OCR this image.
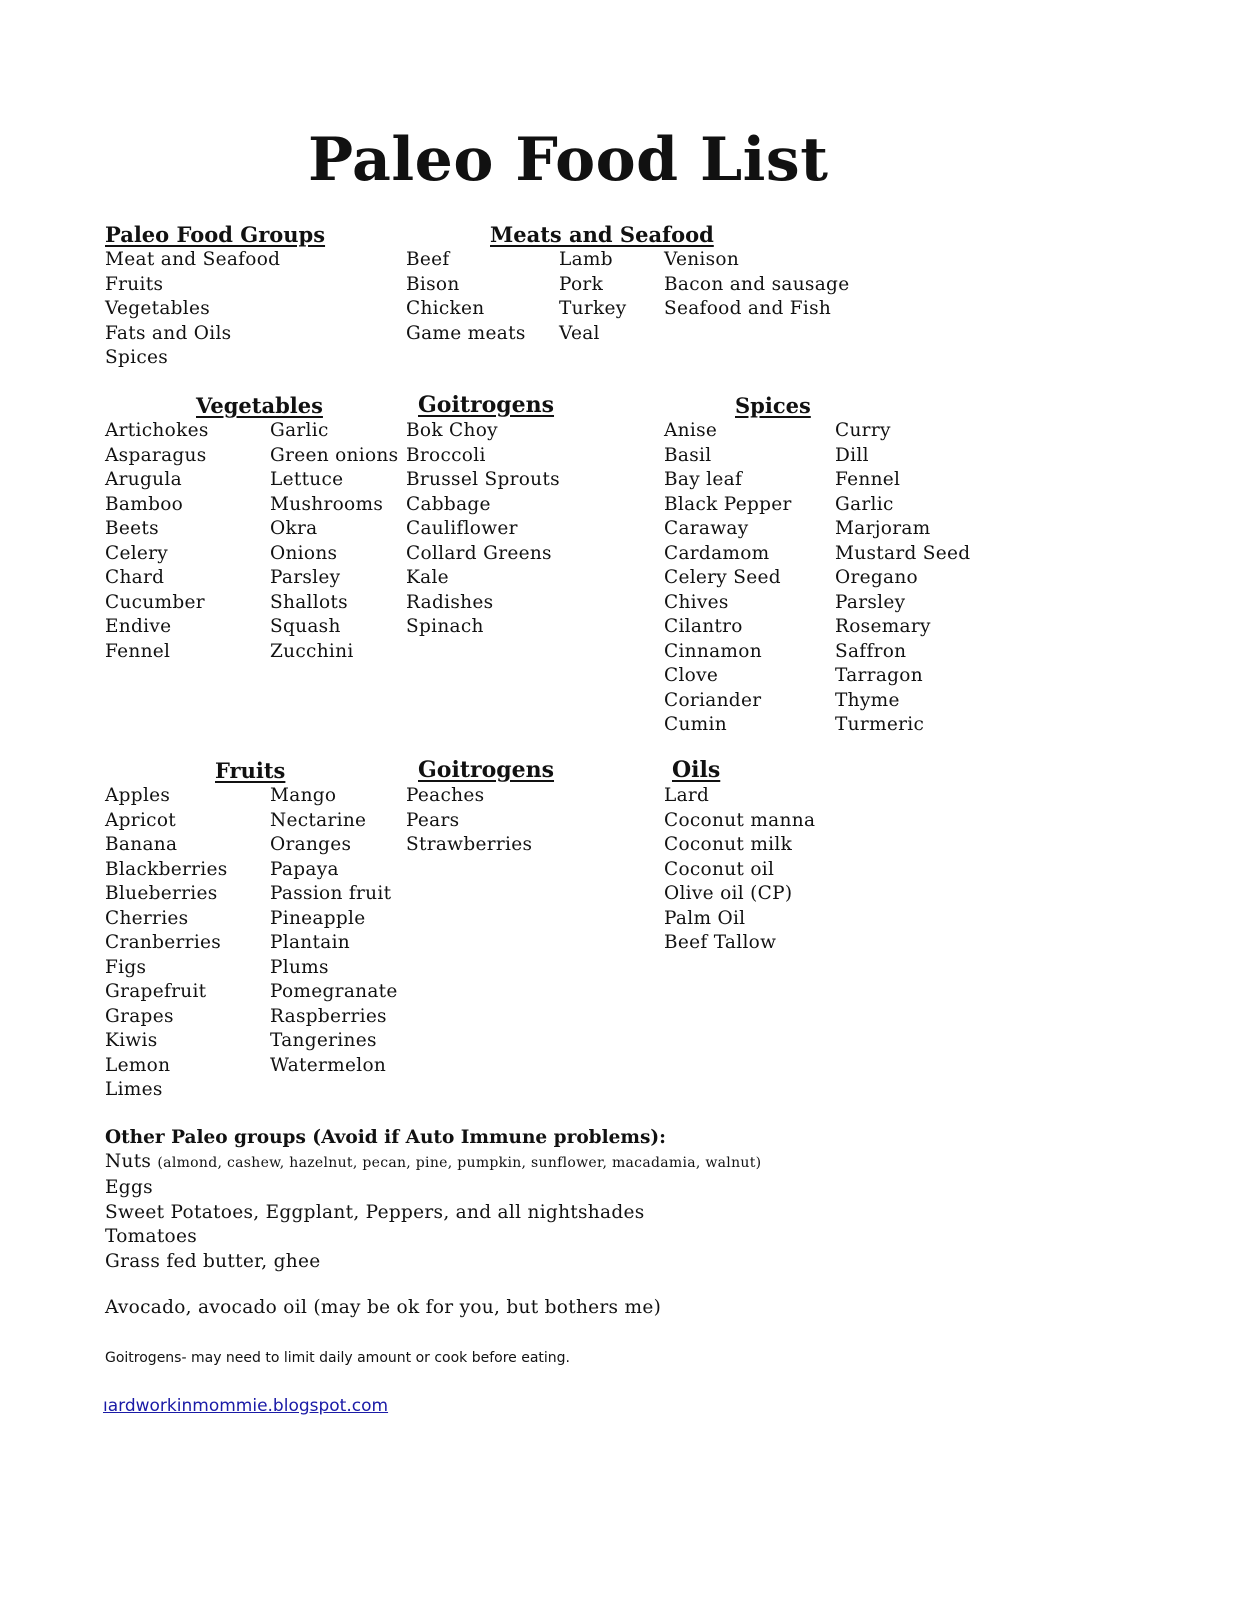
Paleo Food List
Paleo Food Groups
Meat and Seafood
Fruits
Vegetables
Fats and Oils
Spices
Meats and Seafood
Beef
Bison
Chicken
Game meats
Lamb
Pork
Turkey
Veal
Venison
Bacon and sausage
Seafood and Fish
Vegetables
Artichokes
Asparagus
Arugula
Bamboo
Beets
Celery
Chard
Cucumber
Endive
Fennel
Garlic
Green onions
Lettuce
Mushrooms
Okra
Onions
Parsley
Shallots
Squash
Zucchini
Goitrogens
Bok Choy
Broccoli
Brussel Sprouts
Cabbage
Cauliflower
Collard Greens
Kale
Radishes
Spinach
Spices
Anise
Basil
Bay leaf
Black Pepper
Caraway
Cardamom
Celery Seed
Chives
Cilantro
Cinnamon
Clove
Coriander
Cumin
Curry
Dill
Fennel
Garlic
Marjoram
Mustard Seed
Oregano
Parsley
Rosemary
Saffron
Tarragon
Thyme
Turmeric
Fruits
Apples
Apricot
Banana
Blackberries
Blueberries
Cherries
Cranberries
Figs
Grapefruit
Grapes
Kiwis
Lemon
Limes
Mango
Nectarine
Oranges
Papaya
Passion fruit
Pineapple
Plantain
Plums
Pomegranate
Raspberries
Tangerines
Watermelon
Goitrogens
Peaches
Pears
Strawberries
Oils
Lard
Coconut manna
Coconut milk
Coconut oil
Olive oil (CP)
Palm Oil
Beef Tallow
Other Paleo groups (Avoid if Auto Immune problems):
Nuts (almond, cashew, hazelnut, pecan, pine, pumpkin, sunflower, macadamia, walnut)
Eggs
Sweet Potatoes, Eggplant, Peppers, and all nightshades
Tomatoes
Grass fed butter, ghee
Avocado, avocado oil (may be ok for you, but bothers me)
Goitrogens- may need to limit daily amount or cook before eating.
ıardworkinmommie.blogspot.com
